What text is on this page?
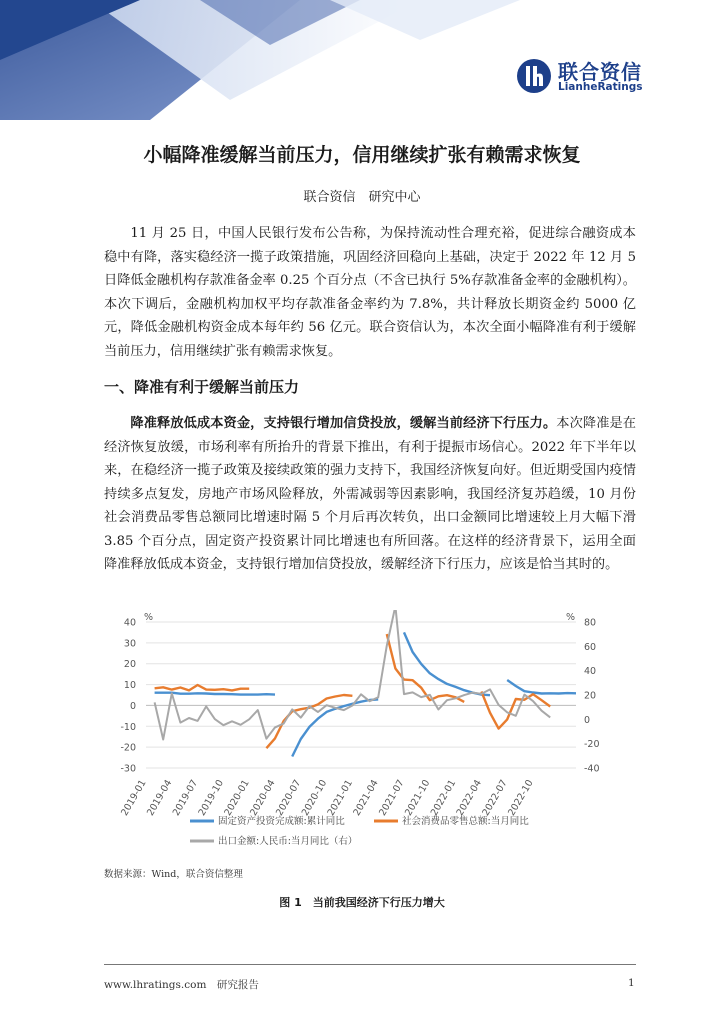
联合资信
LianheRatings
小幅降准缓解当前压力，信用继续扩张有赖需求恢复
联合资信　研究中心

11 月 25 日，中国人民银行发布公告称，为保持流动性合理充裕，促进综合融资成本稳中有降，落实稳经济一揽子政策措施，巩固经济回稳向上基础，决定于 2022 年 12 月 5 日降低金融机构存款准备金率 0.25 个百分点（不含已执行 5%存款准备金率的金融机构）。本次下调后，金融机构加权平均存款准备金率约为 7.8%，共计释放长期资金约 5000 亿元，降低金融机构资金成本每年约 56 亿元。联合资信认为，本次全面小幅降准有利于缓解当前压力，信用继续扩张有赖需求恢复。

一、降准有利于缓解当前压力

降准释放低成本资金，支持银行增加信贷投放，缓解当前经济下行压力。本次降准是在经济恢复放缓，市场利率有所抬升的背景下推出，有利于提振市场信心。2022 年下半年以来，在稳经济一揽子政策及接续政策的强力支持下，我国经济恢复向好。但近期受国内疫情持续多点复发，房地产市场风险释放，外需减弱等因素影响，我国经济复苏趋缓，10 月份社会消费品零售总额同比增速时隔 5 个月后再次转负，出口金额同比增速较上月大幅下滑 3.85 个百分点，固定资产投资累计同比增速也有所回落。在这样的经济背景下，运用全面降准释放低成本资金，支持银行增加信贷投放，缓解经济下行压力，应该是恰当其时的。

40
30
20
10
0
-10
-20
-30
80
60
40
20
0
-20
-40
%	%
2019-01
2019-04
2019-07
2019-10
2020-01
2020-04
2020-07
2020-10
2021-01
2021-04
2021-07
2021-10
2022-01
2022-04
2022-07
2022-10
固定资产投资完成额:累计同比	社会消费品零售总额:当月同比
出口金额:人民币:当月同比（右）
数据来源：Wind，联合资信整理
图 1　当前我国经济下行压力增大
www.lhratings.com　研究报告	1
